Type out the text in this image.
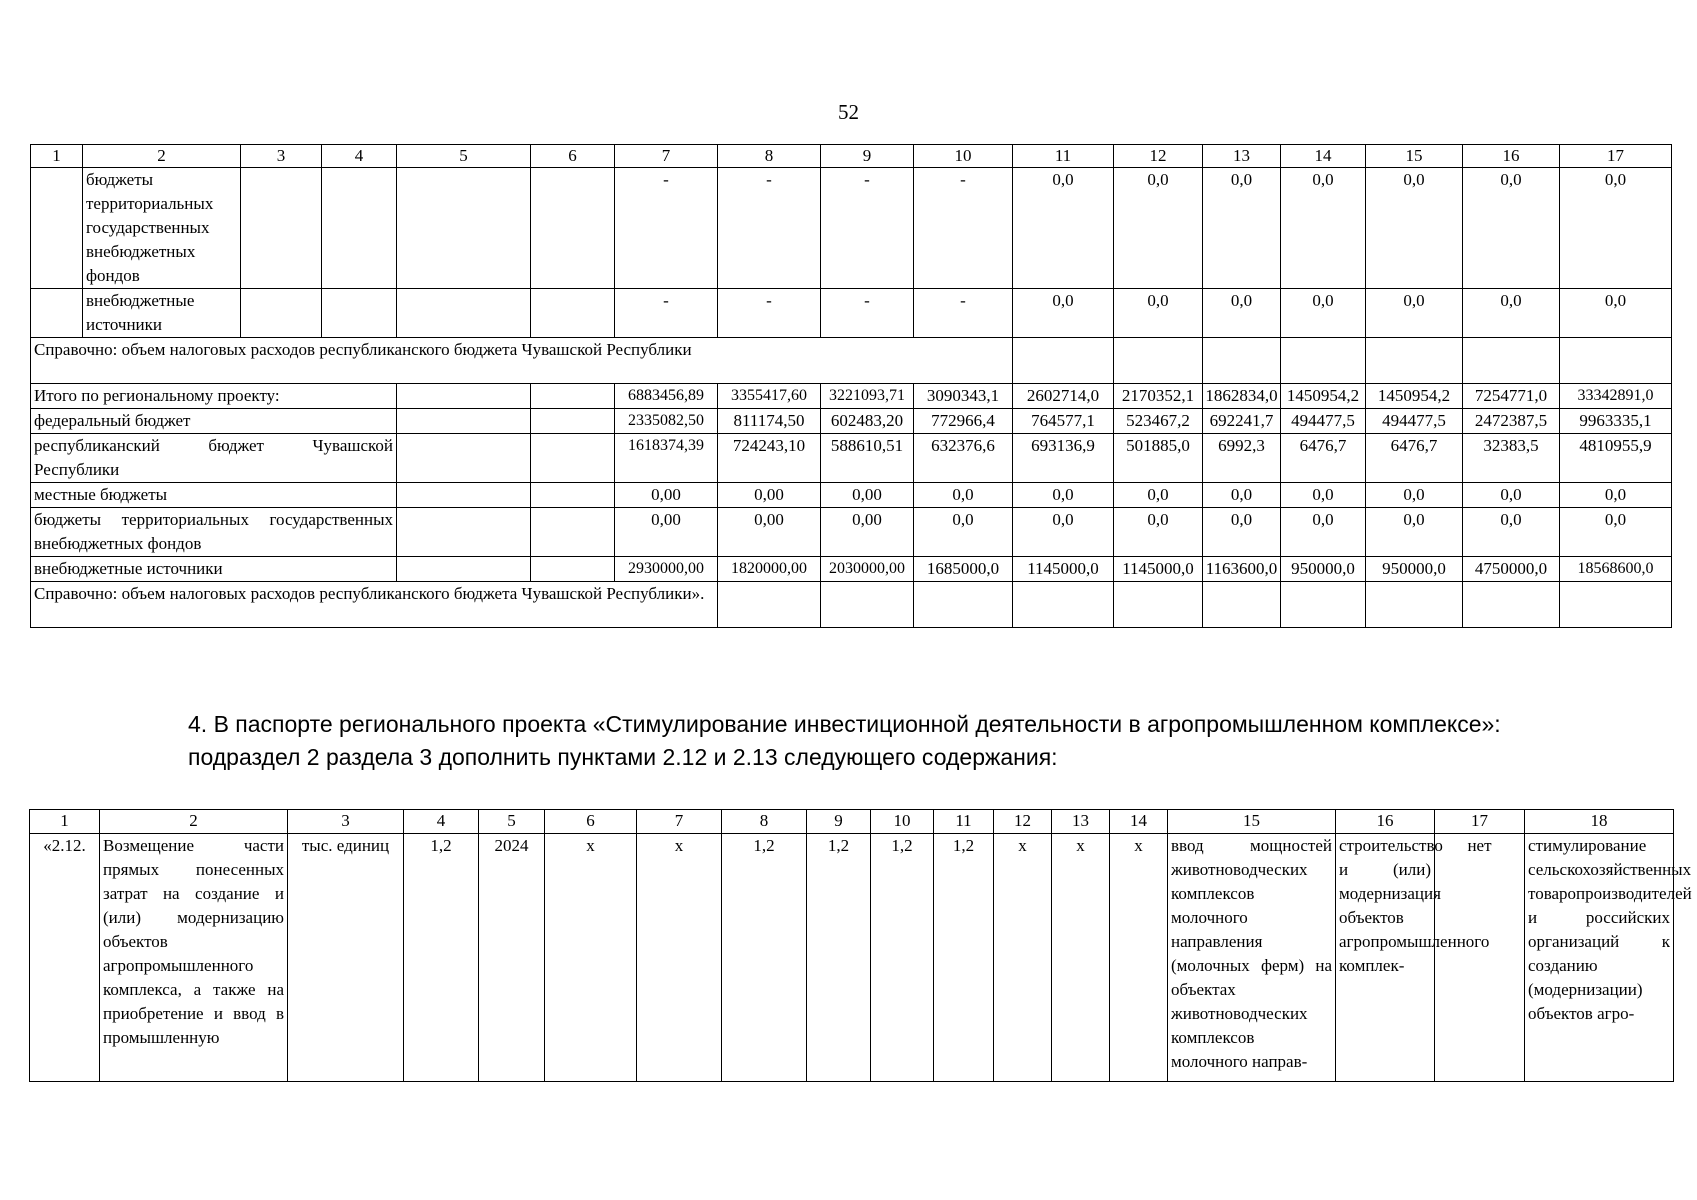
52
1	2	3	4	5	6	7	8	9	10	11	12	13	14	15	16	17
	бюджеты территориальных государственных внебюджетных фондов					-	-	-	-	0,0	0,0	0,0	0,0	0,0	0,0	0,0
	внебюджетные источники					-	-	-	-	0,0	0,0	0,0	0,0	0,0	0,0	0,0
Справочно: объем налоговых расходов республиканского бюджета Чувашской Республики																
Итого по региональному проекту:						6883456,89	3355417,60	3221093,71	3090343,1	2602714,0	2170352,1	1862834,0	1450954,2	1450954,2	7254771,0	33342891,0
федеральный бюджет						2335082,50	811174,50	602483,20	772966,4	764577,1	523467,2	692241,7	494477,5	494477,5	2472387,5	9963335,1
республиканский бюджет Чувашской Республики						1618374,39	724243,10	588610,51	632376,6	693136,9	501885,0	6992,3	6476,7	6476,7	32383,5	4810955,9
местные бюджеты						0,00	0,00	0,00	0,0	0,0	0,0	0,0	0,0	0,0	0,0	0,0
бюджеты территориальных государственных внебюджетных фондов						0,00	0,00	0,00	0,0	0,0	0,0	0,0	0,0	0,0	0,0	0,0
внебюджетные источники						2930000,00	1820000,00	2030000,00	1685000,0	1145000,0	1145000,0	1163600,0	950000,0	950000,0	4750000,0	18568600,0
Справочно: объем налоговых расходов республиканского бюджета Чувашской Республики».																

4. В паспорте регионального проекта «Стимулирование инвестиционной деятельности в агропромышленном комплексе»:

подраздел 2 раздела 3 дополнить пунктами 2.12 и 2.13 следующего содержания:

1	2	3	4	5	6	7	8	9	10	11	12	13	14	15	16	17	18
«2.12.	Возмещение части прямых понесенных затрат на создание и (или) модернизацию объектов агропромышленного комплекса, а также на приобретение и ввод в промышленную	тыс. единиц	1,2	2024	х	х	1,2	1,2	1,2	1,2	х	х	х	ввод мощностей животноводческих комплексов молочного направления (молочных ферм) на объектах животноводческих комплексов молочного направ-	строительство и (или) модернизация объектов агропромышленного комплек-	нет	стимулирование сельскохозяйственных товаропроизводителей и российских организаций к созданию (модернизации) объектов агро-
